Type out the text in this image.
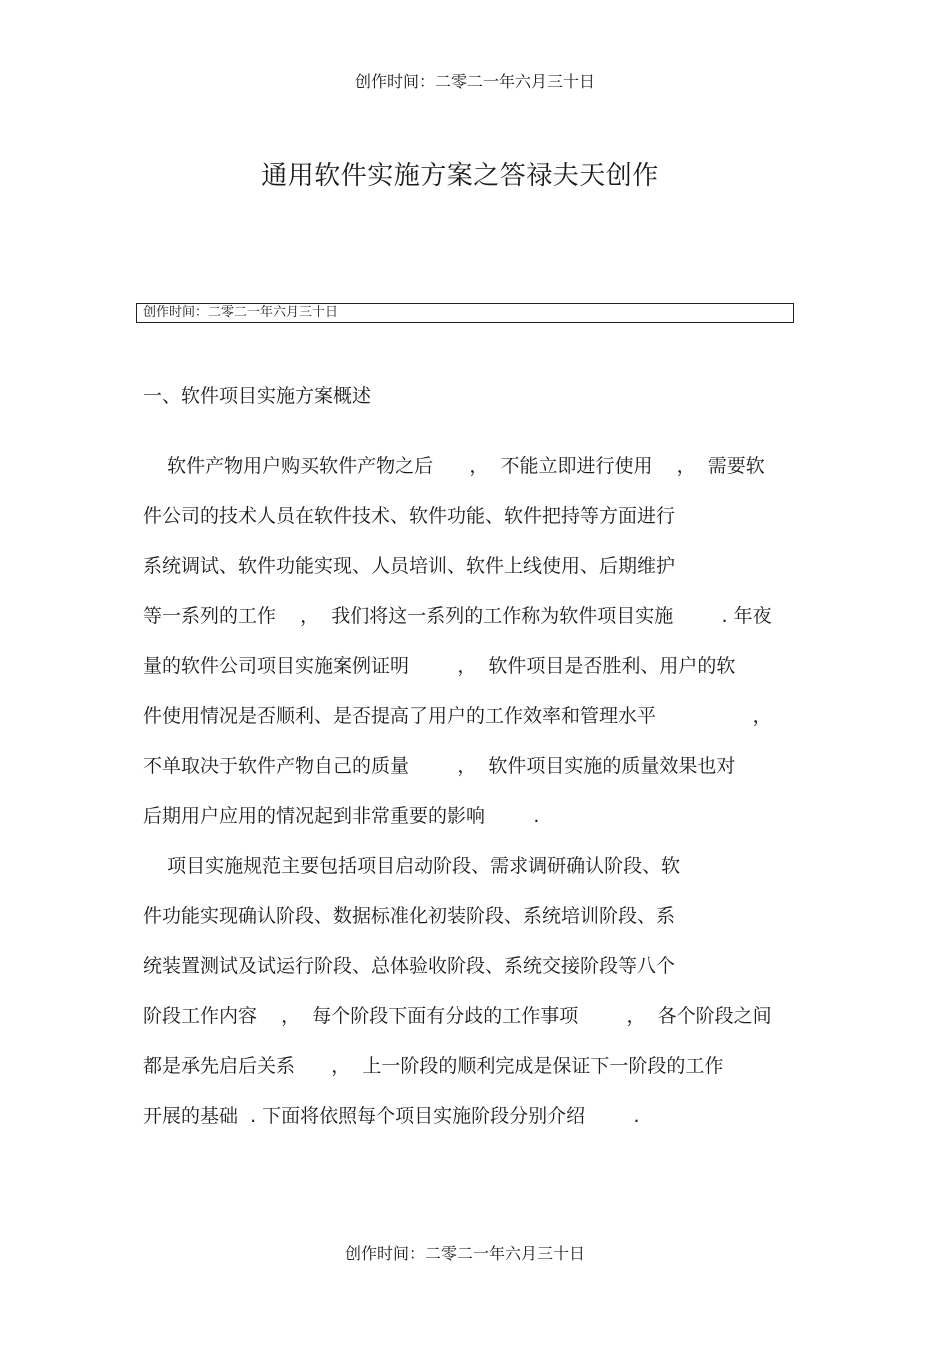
创作时间：二零二一年六月三十日
通用软件实施方案之答禄夫天创作
创作时间：二零二一年六月三十日
一、软件项目实施方案概述
软件产物用户购买软件产物之后      ，  不能立即进行使用    ，  需要软
件公司的技术人员在软件技术、软件功能、软件把持等方面进行
系统调试、软件功能实现、人员培训、软件上线使用、后期维护
等一系列的工作    ，  我们将这一系列的工作称为软件项目实施        . 年夜
量的软件公司项目实施案例证明        ，  软件项目是否胜利、用户的软
件使用情况是否顺利、是否提高了用户的工作效率和管理水平                ，
不单取决于软件产物自己的质量        ，  软件项目实施的质量效果也对
后期用户应用的情况起到非常重要的影响        .
项目实施规范主要包括项目启动阶段、需求调研确认阶段、软
件功能实现确认阶段、数据标准化初装阶段、系统培训阶段、系
统装置测试及试运行阶段、总体验收阶段、系统交接阶段等八个
阶段工作内容    ，  每个阶段下面有分歧的工作事项        ，  各个阶段之间
都是承先启后关系      ，  上一阶段的顺利完成是保证下一阶段的工作
开展的基础  . 下面将依照每个项目实施阶段分别介绍        .
创作时间：二零二一年六月三十日
